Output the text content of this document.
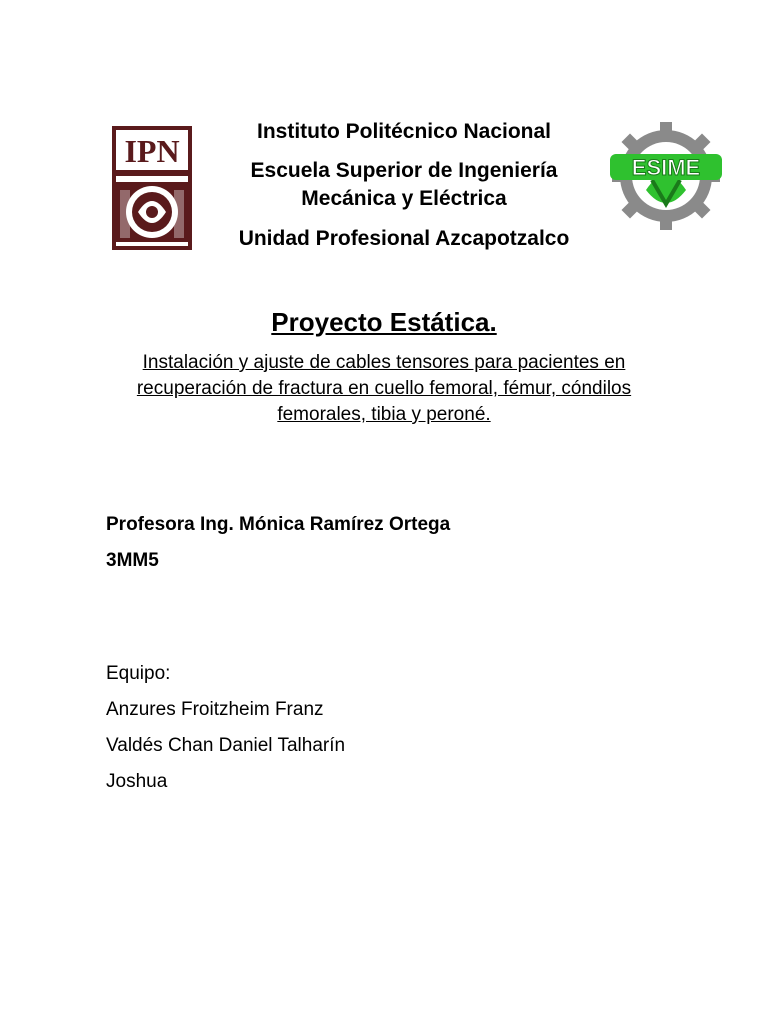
IPN	ESIME
Instituto Politécnico Nacional
Escuela Superior de Ingeniería
Mecánica y Eléctrica
Unidad Profesional Azcapotzalco
Proyecto Estática.
Instalación y ajuste de cables tensores para pacientes en recuperación de fractura en cuello femoral, fémur, cóndilos femorales, tibia y peroné.
Profesora Ing. Mónica Ramírez Ortega
3MM5
Equipo:
Anzures Froitzheim Franz
Valdés Chan Daniel Talharín
Joshua
